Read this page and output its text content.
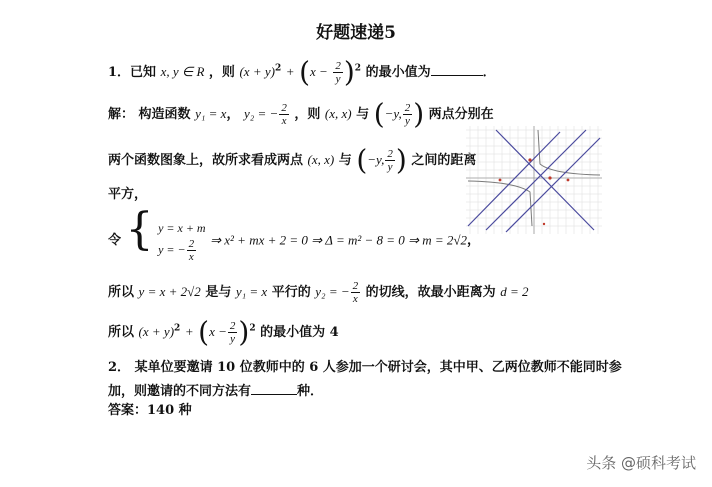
好题速递5
1．已知 x, y ∈ R ，则 $(x + y)^2 + (x - \frac{2}{y} )^2$ 的最小值为	．
解： 构造函数 y₁ = x， y₂ = − $\frac{2}{x}$ ，则 (x, x) 与 (−y, $\frac{2}{y}$ ) 两点分别在
两个函数图象上，故所求看成两点 (x, x) 与 (−y, $\frac{2}{y}$ ) 之间的距离
平方，
令 { y = x + m
y = − $\frac{2}{x}$ ⇒ x² + mx + 2 = 0 ⇒ Δ = m² − 8 = 0 ⇒ m = 2√2，
所以 y = x + 2√2 是与 y₁ = x 平行的 y₂ = − $\frac{2}{x}$ 的切线，故最小距离为 d = 2
所以 $(x + y)^2 + (x - \frac{2}{y} )^2$ 的最小值为 4
2． 某单位要邀请 10 位教师中的 6 人参加一个研讨会，其中甲、乙两位教师不能同时参
加，则邀请的不同方法有	种．
答案：140 种
头条 @硕科考试
